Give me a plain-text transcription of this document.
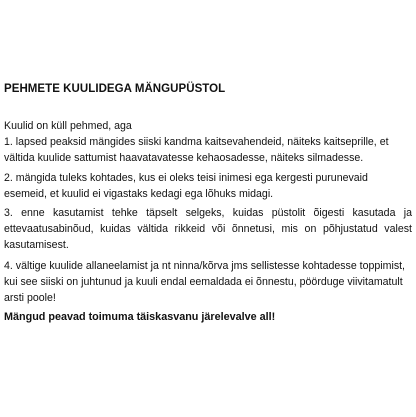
PEHMETE KUULIDEGA MÄNGUPÜSTOL

Kuulid on küll pehmed, aga

1. lapsed peaksid mängides siiski kandma kaitsevahendeid, näiteks kaitseprille, et vältida kuulide sattumist haavatavatesse kehaosadesse, näiteks silmadesse.

2. mängida tuleks kohtades, kus ei oleks teisi inimesi ega kergesti purunevaid esemeid, et kuulid ei vigastaks kedagi ega lõhuks midagi.

3. enne kasutamist tehke täpselt selgeks, kuidas püstolit õigesti kasutada ja ettevaatusabinõud, kuidas vältida rikkeid või õnnetusi, mis on põhjustatud valest kasutamisest.

4. vältige kuulide allaneelamist ja nt ninna/kõrva jms sellistesse kohtadesse toppimist, kui see siiski on juhtunud ja kuuli endal eemaldada ei õnnestu, pöörduge viivitamatult arsti poole!

Mängud peavad toimuma täiskasvanu järelevalve all!
